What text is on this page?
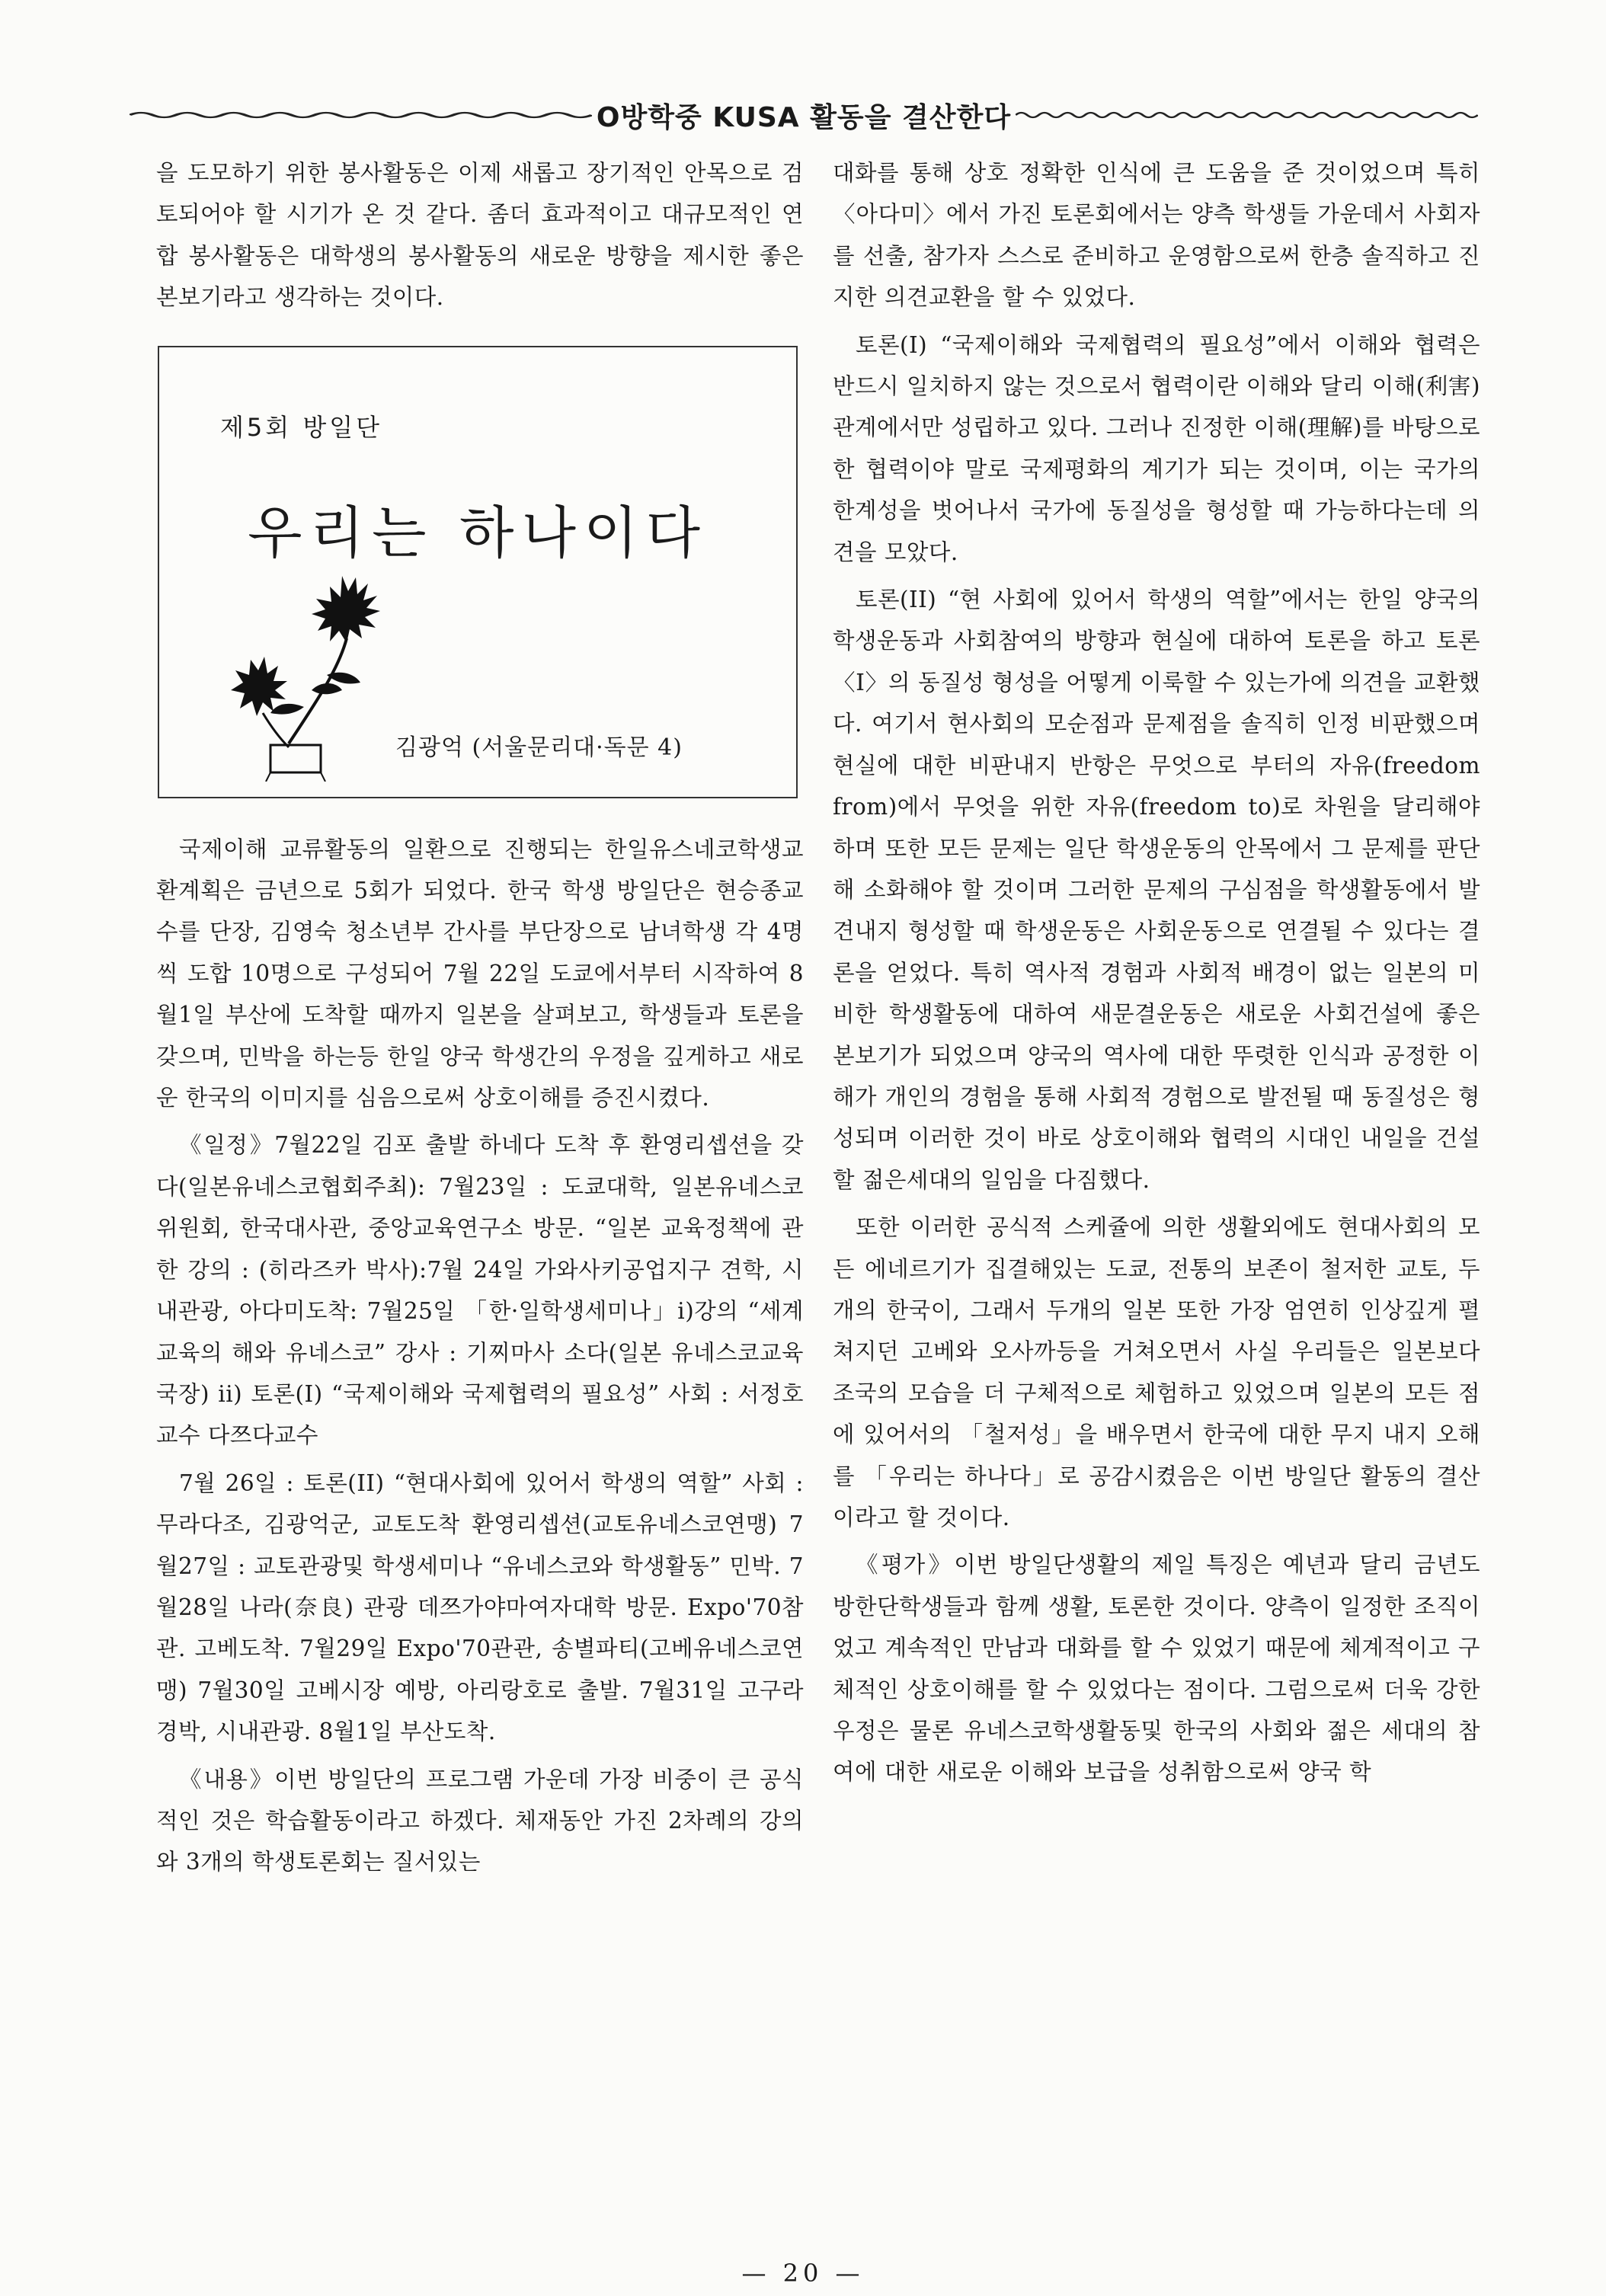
O방학중 KUSA 활동을 결산한다

을 도모하기 위한 봉사활동은 이제 새롭고 장기적인 안목으로 검토되어야 할 시기가 온 것 같다. 좀더 효과적이고 대규모적인 연합 봉사활동은 대학생의 봉사활동의 새로운 방향을 제시한 좋은 본보기라고 생각하는 것이다.

제5회 방일단
우리는 하나이다
김광억 (서울문리대·독문 4)

국제이해 교류활동의 일환으로 진행되는 한일유스네코학생교환계획은 금년으로 5회가 되었다. 한국 학생 방일단은 현승종교수를 단장, 김영숙 청소년부 간사를 부단장으로 남녀학생 각 4명씩 도합 10명으로 구성되어 7월 22일 도쿄에서부터 시작하여 8월1일 부산에 도착할 때까지 일본을 살펴보고, 학생들과 토론을 갖으며, 민박을 하는등 한일 양국 학생간의 우정을 깊게하고 새로운 한국의 이미지를 심음으로써 상호이해를 증진시켰다.

《일정》7월22일 김포 출발 하네다 도착 후 환영리셉션을 갖다(일본유네스코협회주최): 7월23일 : 도쿄대학, 일본유네스코 위원회, 한국대사관, 중앙교육연구소 방문. “일본 교육정책에 관한 강의 : (히라즈카 박사):7월 24일 가와사키공업지구 견학, 시내관광, 아다미도착: 7월25일 「한·일학생세미나」i)강의 “세계교육의 해와 유네스코” 강사 : 기찌마사 소다(일본 유네스코교육국장) ii) 토론(I) “국제이해와 국제협력의 필요성” 사회 : 서정호교수 다쯔다교수

7월 26일 : 토론(II) “현대사회에 있어서 학생의 역할” 사회 : 무라다조, 김광억군, 교토도착 환영리셉션(교토유네스코연맹) 7월27일 : 교토관광및 학생세미나 “유네스코와 학생활동” 민박. 7월28일 나라(奈良) 관광 데쯔가야마여자대학 방문. Expo'70참관. 고베도착. 7월29일 Expo'70관관, 송별파티(고베유네스코연맹) 7월30일 고베시장 예방, 아리랑호로 출발. 7월31일 고구라경박, 시내관광. 8월1일 부산도착.

《내용》이번 방일단의 프로그램 가운데 가장 비중이 큰 공식적인 것은 학습활동이라고 하겠다. 체재동안 가진 2차례의 강의와 3개의 학생토론회는 질서있는

대화를 통해 상호 정확한 인식에 큰 도움을 준 것이었으며 특히 〈아다미〉에서 가진 토론회에서는 양측 학생들 가운데서 사회자를 선출, 참가자 스스로 준비하고 운영함으로써 한층 솔직하고 진지한 의견교환을 할 수 있었다.

토론(I) “국제이해와 국제협력의 필요성”에서 이해와 협력은 반드시 일치하지 않는 것으로서 협력이란 이해와 달리 이해(利害)관계에서만 성립하고 있다. 그러나 진정한 이해(理解)를 바탕으로 한 협력이야 말로 국제평화의 계기가 되는 것이며, 이는 국가의 한계성을 벗어나서 국가에 동질성을 형성할 때 가능하다는데 의견을 모았다.

토론(II) “현 사회에 있어서 학생의 역할”에서는 한일 양국의 학생운동과 사회참여의 방향과 현실에 대하여 토론을 하고 토론〈I〉의 동질성 형성을 어떻게 이룩할 수 있는가에 의견을 교환했다. 여기서 현사회의 모순점과 문제점을 솔직히 인정 비판했으며 현실에 대한 비판내지 반항은 무엇으로 부터의 자유(freedom from)에서 무엇을 위한 자유(freedom to)로 차원을 달리해야 하며 또한 모든 문제는 일단 학생운동의 안목에서 그 문제를 판단해 소화해야 할 것이며 그러한 문제의 구심점을 학생활동에서 발견내지 형성할 때 학생운동은 사회운동으로 연결될 수 있다는 결론을 얻었다. 특히 역사적 경험과 사회적 배경이 없는 일본의 미비한 학생활동에 대하여 새문결운동은 새로운 사회건설에 좋은 본보기가 되었으며 양국의 역사에 대한 뚜렷한 인식과 공정한 이해가 개인의 경험을 통해 사회적 경험으로 발전될 때 동질성은 형성되며 이러한 것이 바로 상호이해와 협력의 시대인 내일을 건설할 젊은세대의 일임을 다짐했다.

또한 이러한 공식적 스케쥴에 의한 생활외에도 현대사회의 모든 에네르기가 집결해있는 도쿄, 전통의 보존이 철저한 교토, 두개의 한국이, 그래서 두개의 일본 또한 가장 엄연히 인상깊게 펼쳐지던 고베와 오사까등을 거쳐오면서 사실 우리들은 일본보다 조국의 모습을 더 구체적으로 체험하고 있었으며 일본의 모든 점에 있어서의 「철저성」을 배우면서 한국에 대한 무지 내지 오해를 「우리는 하나다」로 공감시켰음은 이번 방일단 활동의 결산이라고 할 것이다.

《평가》이번 방일단생활의 제일 특징은 예년과 달리 금년도 방한단학생들과 함께 생활, 토론한 것이다. 양측이 일정한 조직이었고 계속적인 만남과 대화를 할 수 있었기 때문에 체계적이고 구체적인 상호이해를 할 수 있었다는 점이다. 그럼으로써 더욱 강한 우정은 물론 유네스코학생활동및 한국의 사회와 젊은 세대의 참여에 대한 새로운 이해와 보급을 성취함으로써 양국 학

— 20 —
